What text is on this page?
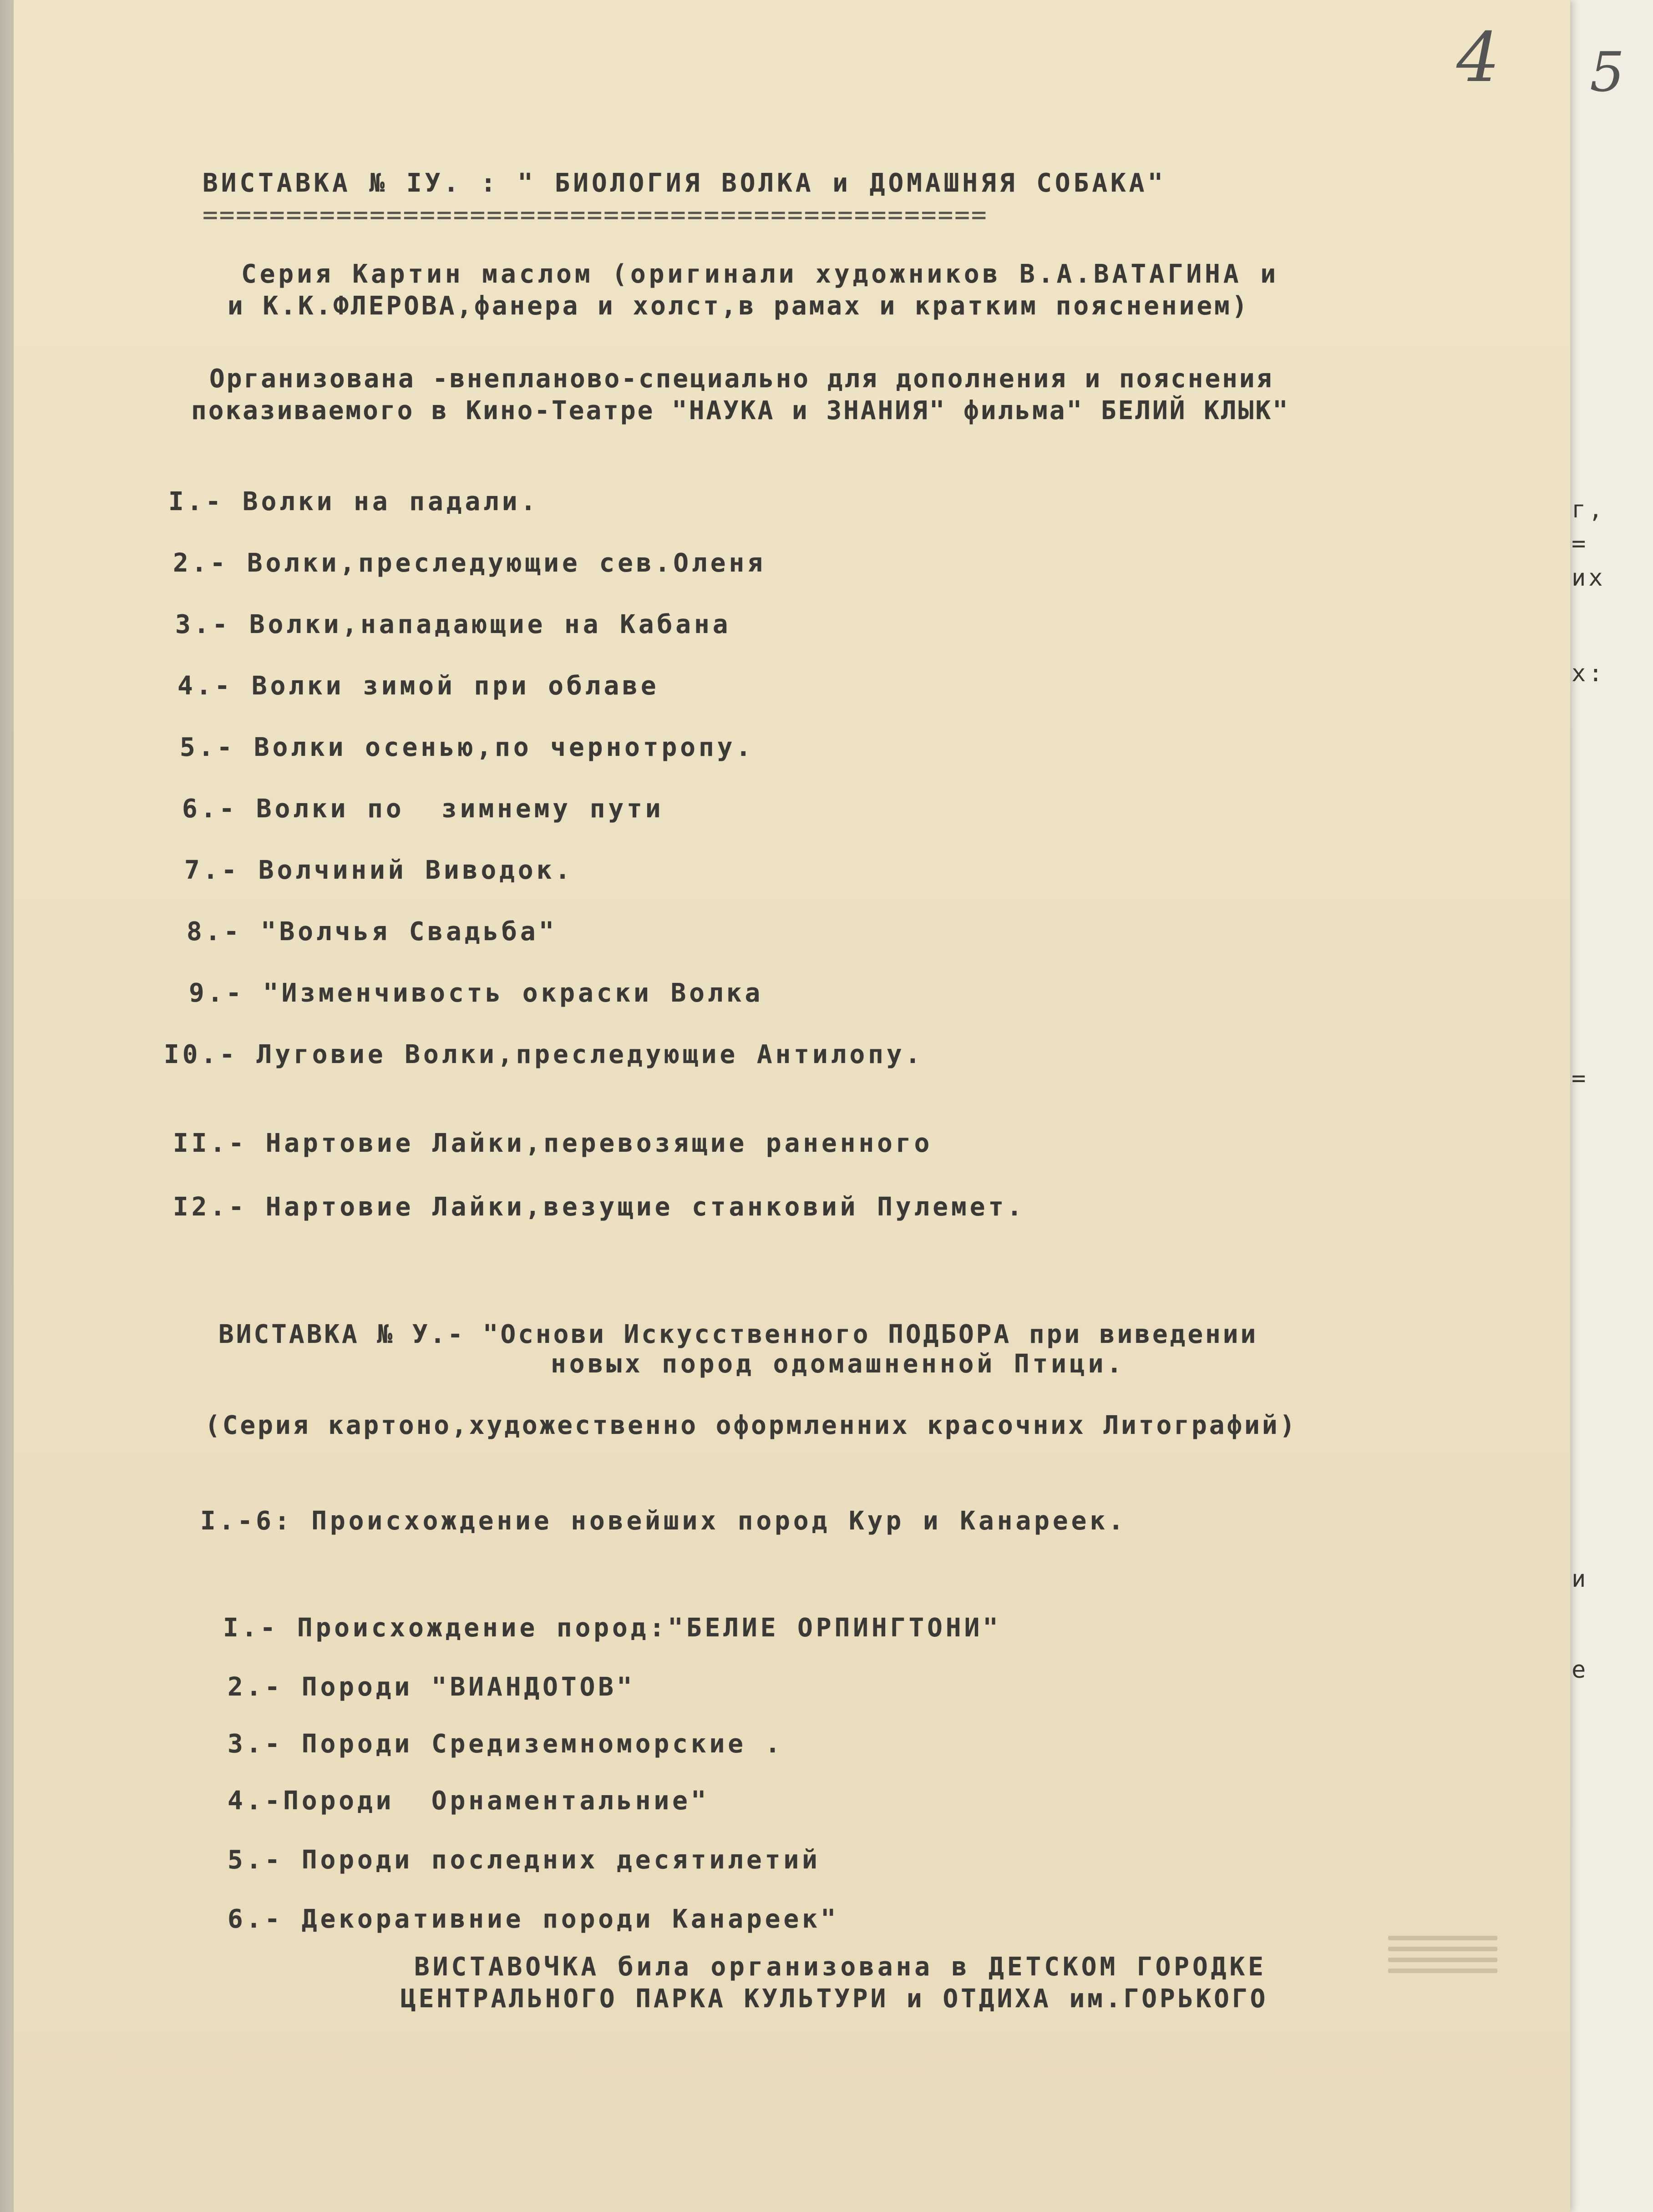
5
г,
=
их
х:
=
и
е
4
ВИСТАВКА № IУ. : " БИОЛОГИЯ ВОЛКА и ДОМАШНЯЯ СОБАКА"
===============================================
Серия Картин маслом (оригинали художников В.А.ВАТАГИНА и
и К.К.ФЛЕРОВА,фанера и холст,в рамах и кратким пояснением)
Организована -внепланово-специально для дополнения и пояснения
показиваемого в Кино-Театре "НАУКА и ЗНАНИЯ" фильма" БЕЛИЙ КЛЫК"
I.- Волки на падали.
2.- Волки,преследующие сев.Оленя
3.- Волки,нападающие на Кабана
4.- Волки зимой при облаве
5.- Волки осенью,по чернотропу.
6.- Волки по  зимнему пути
7.- Волчиний Виводок.
8.- "Волчья Свадьба"
9.- "Изменчивость окраски Волка
I0.- Луговие Волки,преследующие Антилопу.
II.- Нартовие Лайки,перевозящие раненного
I2.- Нартовие Лайки,везущие станковий Пулемет.
ВИСТАВКА № У.- "Основи Искусственного ПОДБОРА при виведении
новых пород одомашненной Птици.
(Серия картоно,художественно оформленних красочних Литографий)
I.-6: Происхождение новейших пород Кур и Канареек.
I.- Происхождение пород:"БЕЛИЕ ОРПИНГТОНИ"
2.- Породи "ВИАНДОТОВ"
3.- Породи Средиземноморские .
4.-Породи  Орнаментальние"
5.- Породи последних десятилетий
6.- Декоративние породи Канареек"
ВИСТАВОЧКА била организована в ДЕТСКОМ ГОРОДКЕ
ЦЕНТРАЛЬНОГО ПАРКА КУЛЬТУРИ и ОТДИХА им.ГОРЬКОГО
